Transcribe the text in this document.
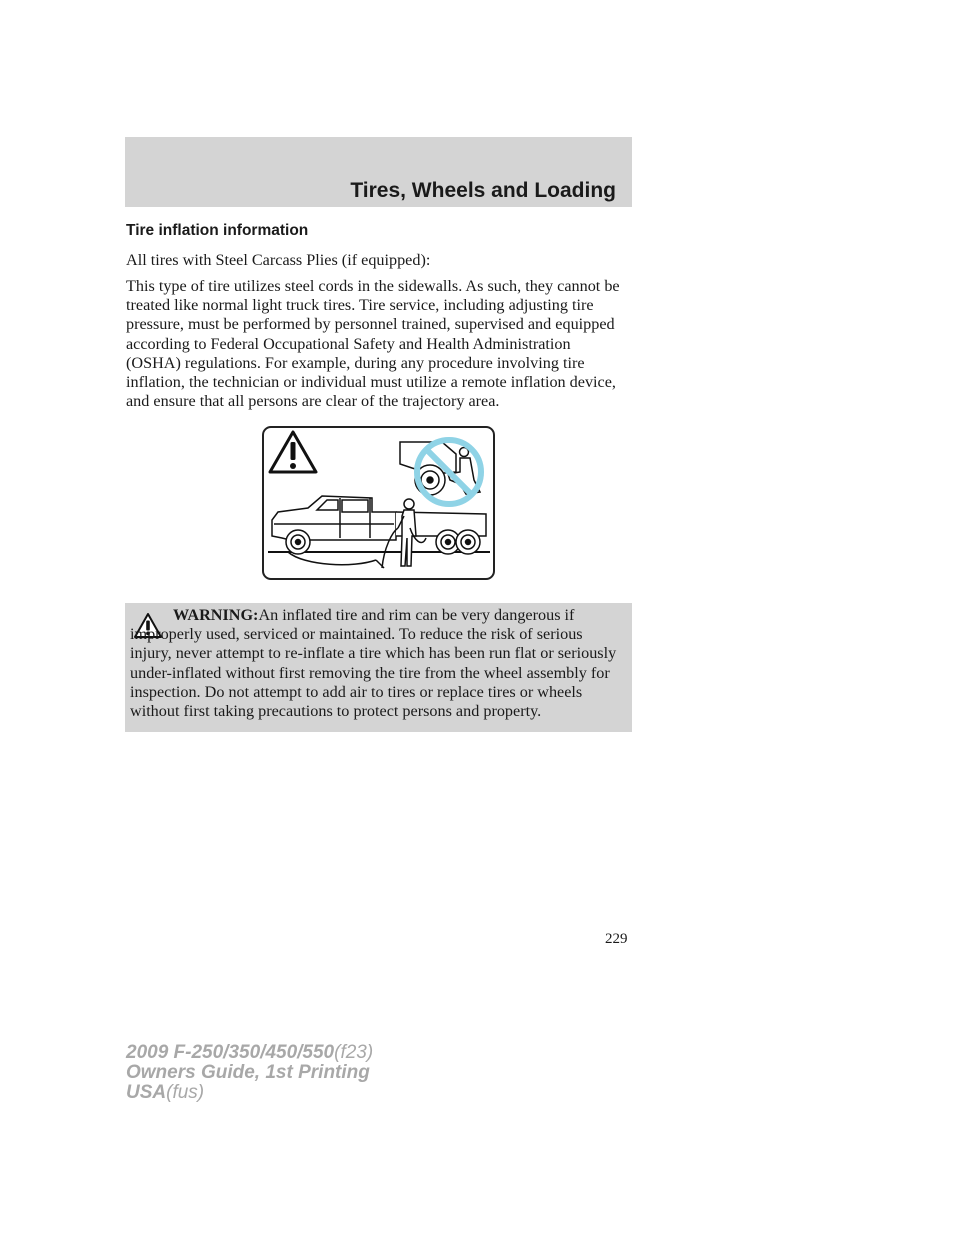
Tires, Wheels and Loading
Tire inflation information

All tires with Steel Carcass Plies (if equipped):

This type of tire utilizes steel cords in the sidewalls. As such, they cannot be treated like normal light truck tires. Tire service, including adjusting tire pressure, must be performed by personnel trained, supervised and equipped according to Federal Occupational Safety and Health Administration (OSHA) regulations. For example, during any procedure involving tire inflation, the technician or individual must utilize a remote inflation device, and ensure that all persons are clear of the trajectory area.

WARNING:An inflated tire and rim can be very dangerous if improperly used, serviced or maintained. To reduce the risk of serious injury, never attempt to re-inflate a tire which has been run flat or seriously under-inflated without first removing the tire from the wheel assembly for inspection. Do not attempt to add air to tires or replace tires or wheels without first taking precautions to protect persons and property.

229
2009 F-250/350/450/550(f23)
Owners Guide, 1st Printing
USA(fus)
